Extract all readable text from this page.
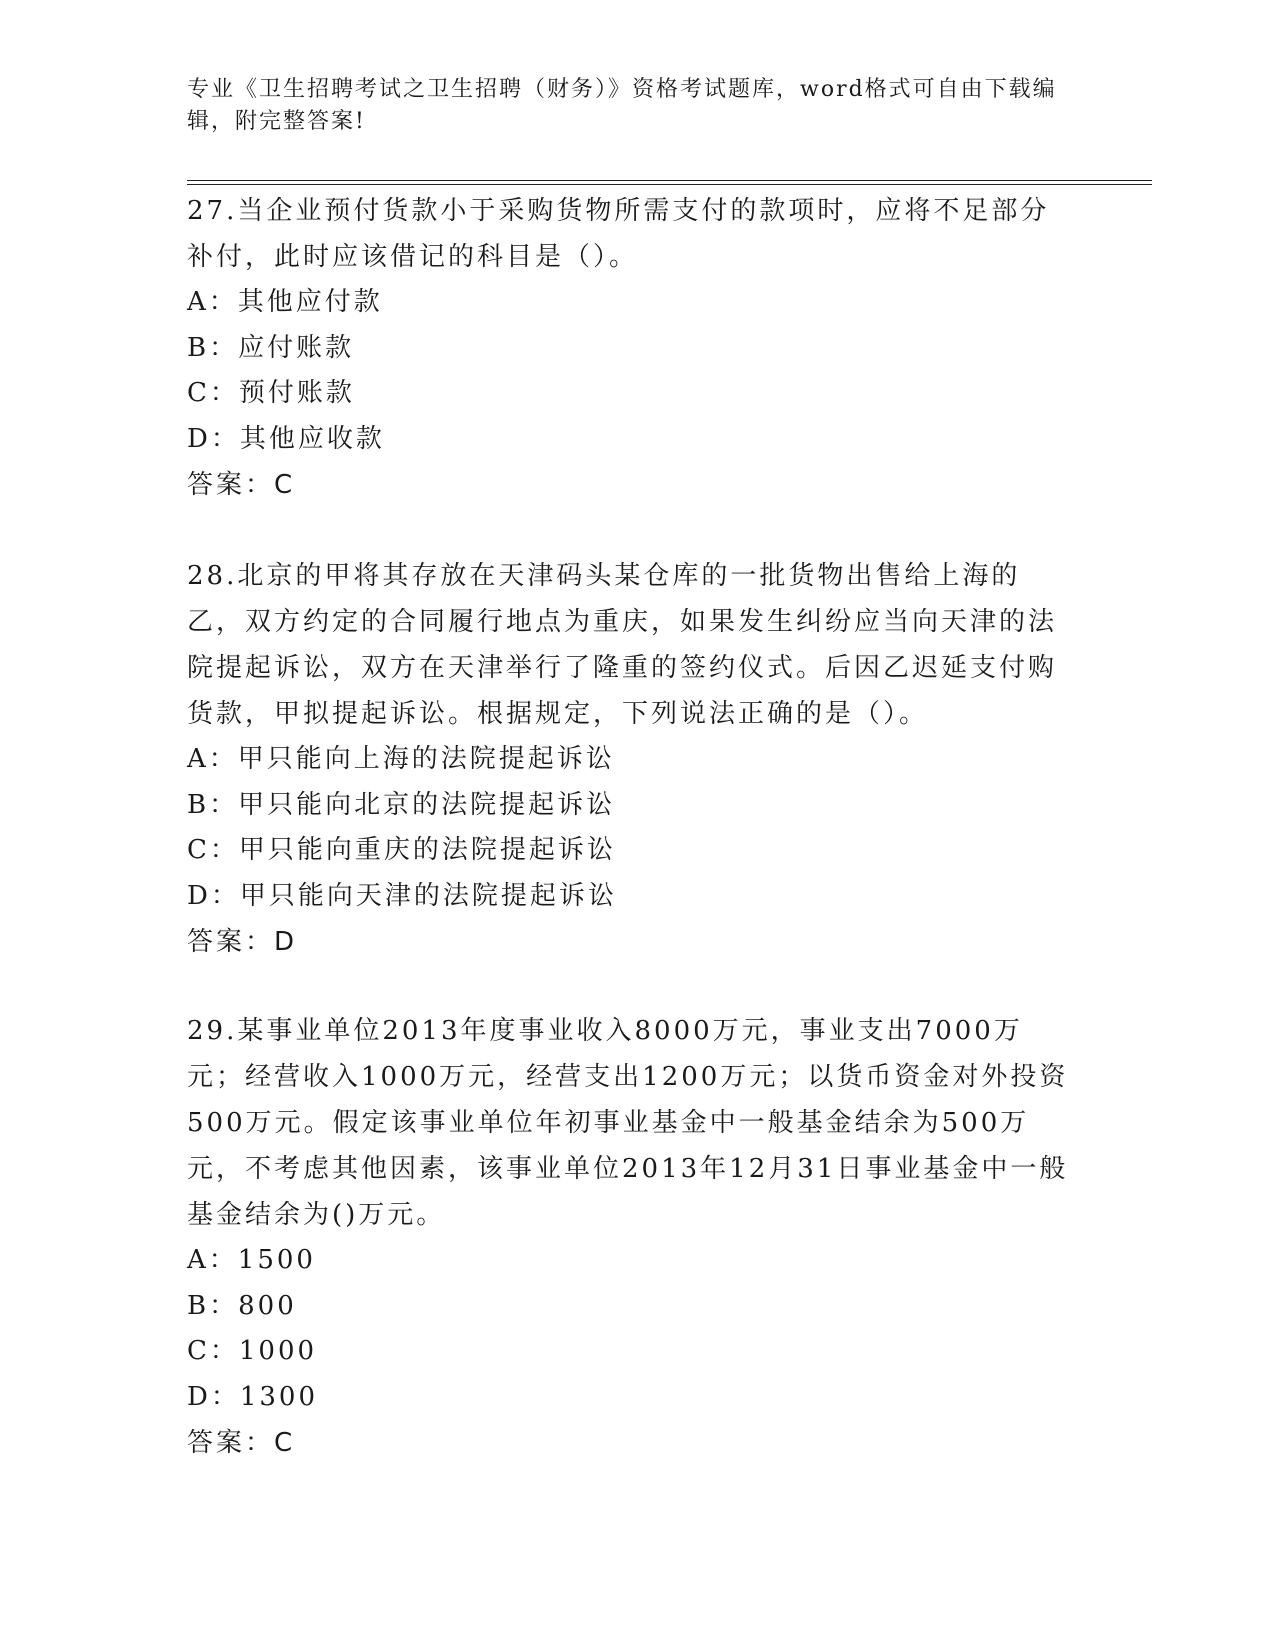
专业《卫生招聘考试之卫生招聘（财务）》资格考试题库，word格式可自由下载编辑，附完整答案!

27.当企业预付货款小于采购货物所需支付的款项时，应将不足部分补付，此时应该借记的科目是（）。

A：其他应付款

B：应付账款

C：预付账款

D：其他应收款

答案：C

28.北京的甲将其存放在天津码头某仓库的一批货物出售给上海的乙，双方约定的合同履行地点为重庆，如果发生纠纷应当向天津的法院提起诉讼，双方在天津举行了隆重的签约仪式。后因乙迟延支付购货款，甲拟提起诉讼。根据规定，下列说法正确的是（）。

A：甲只能向上海的法院提起诉讼

B：甲只能向北京的法院提起诉讼

C：甲只能向重庆的法院提起诉讼

D：甲只能向天津的法院提起诉讼

答案：D

29.某事业单位2013年度事业收入8000万元，事业支出7000万元；经营收入1000万元，经营支出1200万元；以货币资金对外投资500万元。假定该事业单位年初事业基金中一般基金结余为500万元，不考虑其他因素，该事业单位2013年12月31日事业基金中一般基金结余为()万元。

A：1500

B：800

C：1000

D：1300

答案：C
